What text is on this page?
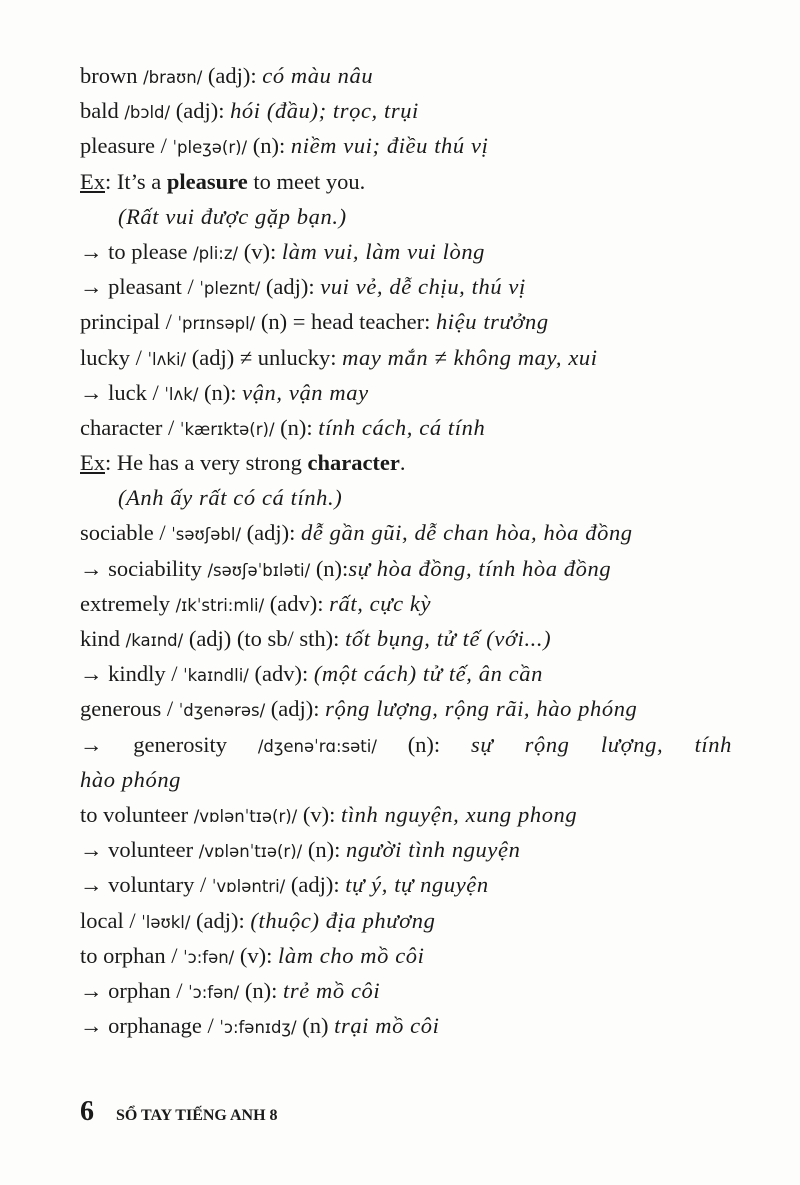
brown /braʊn/ (adj): có màu nâu
bald /bɔld/ (adj): hói (đầu); trọc, trụi
pleasure / ˈpleʒə(r)/ (n): niềm vui; điều thú vị
Ex: It’s a pleasure to meet you.
(Rất vui được gặp bạn.)
→ to please /pli:z/ (v): làm vui, làm vui lòng
→ pleasant / ˈpleznt/ (adj): vui vẻ, dễ chịu, thú vị
principal / ˈprɪnsəpl/ (n) = head teacher: hiệu trưởng
lucky / ˈlʌki/ (adj) ≠ unlucky: may mắn ≠ không may, xui
→ luck / ˈlʌk/ (n): vận, vận may
character / ˈkærɪktə(r)/ (n): tính cách, cá tính
Ex: He has a very strong character.
(Anh ấy rất có cá tính.)
sociable / ˈsəʊʃəbl/ (adj): dễ gần gũi, dễ chan hòa, hòa đồng
→ sociability /səʊʃəˈbɪləti/ (n):sự hòa đồng, tính hòa đồng
extremely /ɪkˈstri:mli/ (adv): rất, cực kỳ
kind /kaɪnd/ (adj) (to sb/ sth): tốt bụng, tử tế (với...)
→ kindly / ˈkaɪndli/ (adv): (một cách) tử tế, ân cần
generous / ˈdʒenərəs/ (adj): rộng lượng, rộng rãi, hào phóng
→ generosity /dʒenəˈrɑ:səti/ (n): sự rộng lượng, tính
hào phóng
to volunteer /vɒlənˈtɪə(r)/ (v): tình nguyện, xung phong
→ volunteer /vɒlənˈtɪə(r)/ (n): người tình nguyện
→ voluntary / ˈvɒləntri/ (adj): tự ý, tự nguyện
local / ˈləʊkl/ (adj): (thuộc) địa phương
to orphan / ˈɔ:fən/ (v): làm cho mồ côi
→ orphan / ˈɔ:fən/ (n): trẻ mồ côi
→ orphanage / ˈɔ:fənɪdʒ/ (n) trại mồ côi
6 SỔ TAY TIẾNG ANH 8
